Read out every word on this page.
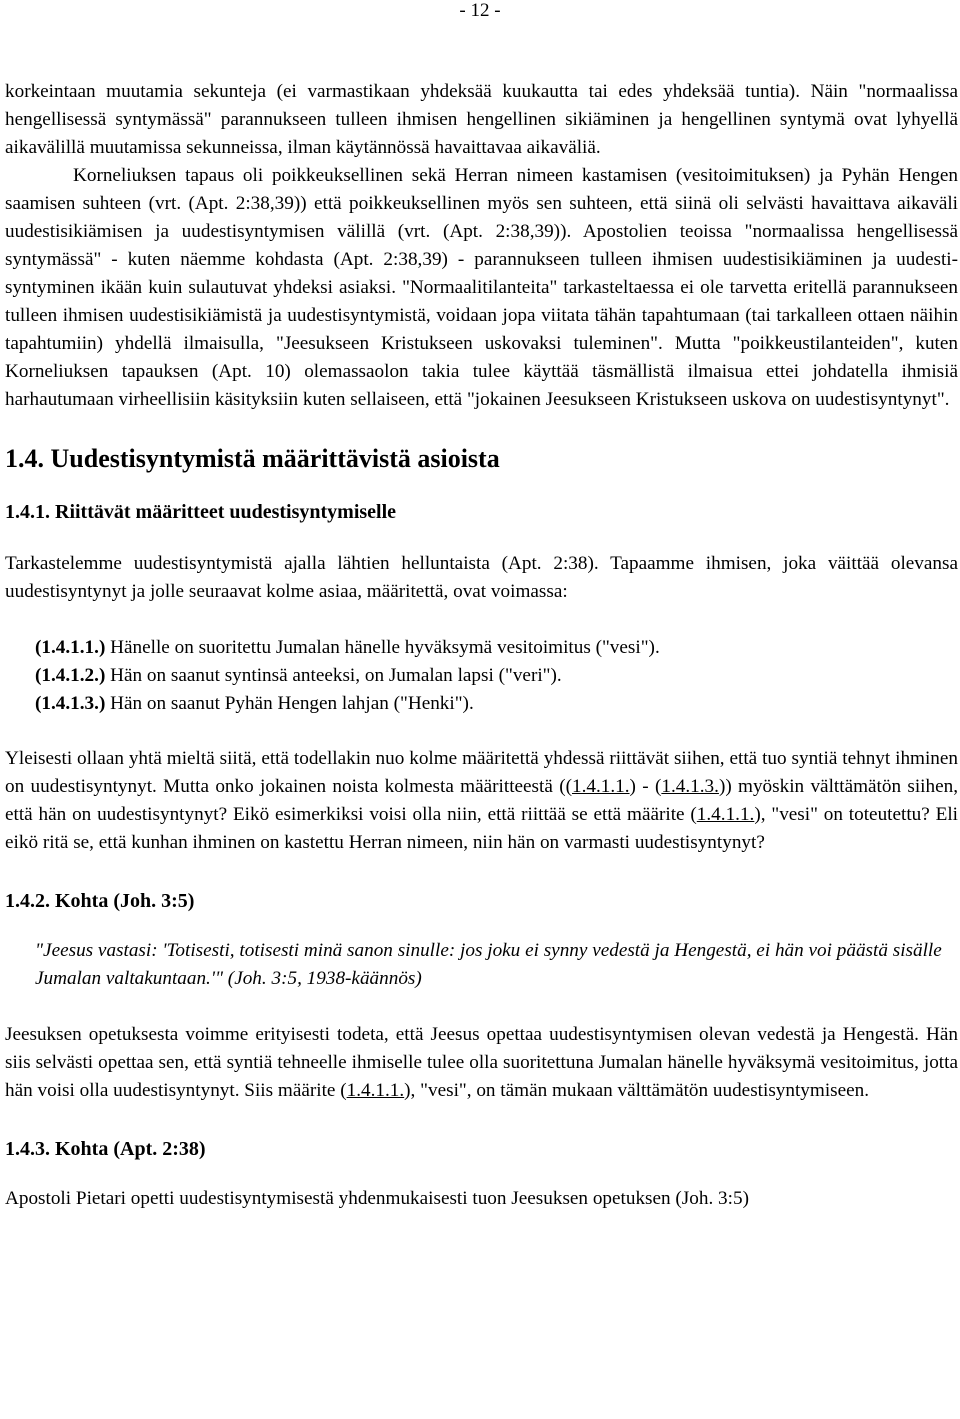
- 12 -

korkeintaan muutamia sekunteja (ei varmastikaan yhdeksää kuukautta tai edes yhdeksää tuntia). Näin "normaalissa hengellisessä syntymässä" parannukseen tulleen ihmisen hengellinen sikiäminen ja hengellinen syntymä ovat lyhyellä aikavälillä muutamissa sekunneissa, ilman käytännössä havaittavaa aikaväliä.

Korneliuksen tapaus oli poikkeuksellinen sekä Herran nimeen kastamisen (vesitoimituksen) ja Pyhän Hengen saamisen suhteen (vrt. (Apt. 2:38,39)) että poikkeuksellinen myös sen suhteen, että siinä oli selvästi havaittava aikaväli uudestisikiämisen ja uudestisyntymisen välillä (vrt. (Apt. 2:38,39)). Apostolien teoissa "normaalissa hengellisessä syntymässä" - kuten näemme kohdasta (Apt. 2:38,39) - parannukseen tulleen ihmisen uudestisikiäminen ja uudesti-syntyminen ikään kuin sulautuvat yhdeksi asiaksi. "Normaalitilanteita" tarkasteltaessa ei ole tarvetta eritellä parannukseen tulleen ihmisen uudestisikiämistä ja uudestisyntymistä, voidaan jopa viitata tähän tapahtumaan (tai tarkalleen ottaen näihin tapahtumiin) yhdellä ilmaisulla, "Jeesukseen Kristukseen uskovaksi tuleminen". Mutta "poikkeustilanteiden", kuten Korneliuksen tapauksen (Apt. 10) olemassaolon takia tulee käyttää täsmällistä ilmaisua ettei johdatella ihmisiä harhautumaan virheellisiin käsityksiin kuten sellaiseen, että "jokainen Jeesukseen Kristukseen uskova on uudestisyntynyt".

1.4. Uudestisyntymistä määrittävistä asioista
1.4.1. Riittävät määritteet uudestisyntymiselle

Tarkastelemme uudestisyntymistä ajalla lähtien helluntaista (Apt. 2:38). Tapaamme ihmisen, joka väittää olevansa uudestisyntynyt ja jolle seuraavat kolme asiaa, määritettä, ovat voimassa:

(1.4.1.1.) Hänelle on suoritettu Jumalan hänelle hyväksymä vesitoimitus ("vesi").

(1.4.1.2.) Hän on saanut syntinsä anteeksi, on Jumalan lapsi ("veri").

(1.4.1.3.) Hän on saanut Pyhän Hengen lahjan ("Henki").

Yleisesti ollaan yhtä mieltä siitä, että todellakin nuo kolme määritettä yhdessä riittävät siihen, että tuo syntiä tehnyt ihminen on uudestisyntynyt. Mutta onko jokainen noista kolmesta määritteestä ((1.4.1.1.) - (1.4.1.3.)) myöskin välttämätön siihen, että hän on uudestisyntynyt? Eikö esimerkiksi voisi olla niin, että riittää se että määrite (1.4.1.1.), "vesi" on toteutettu? Eli eikö ritä se, että kunhan ihminen on kastettu Herran nimeen, niin hän on varmasti uudestisyntynyt?

1.4.2. Kohta (Joh. 3:5)

"Jeesus vastasi: 'Totisesti, totisesti minä sanon sinulle: jos joku ei synny vedestä ja Hengestä, ei hän voi päästä sisälle Jumalan valtakuntaan.'" (Joh. 3:5, 1938-käännös)

Jeesuksen opetuksesta voimme erityisesti todeta, että Jeesus opettaa uudestisyntymisen olevan vedestä ja Hengestä. Hän siis selvästi opettaa sen, että syntiä tehneelle ihmiselle tulee olla suoritettuna Jumalan hänelle hyväksymä vesitoimitus, jotta hän voisi olla uudestisyntynyt. Siis määrite (1.4.1.1.), "vesi", on tämän mukaan välttämätön uudestisyntymiseen.

1.4.3. Kohta (Apt. 2:38)

Apostoli Pietari opetti uudestisyntymisestä yhdenmukaisesti tuon Jeesuksen opetuksen (Joh. 3:5)
